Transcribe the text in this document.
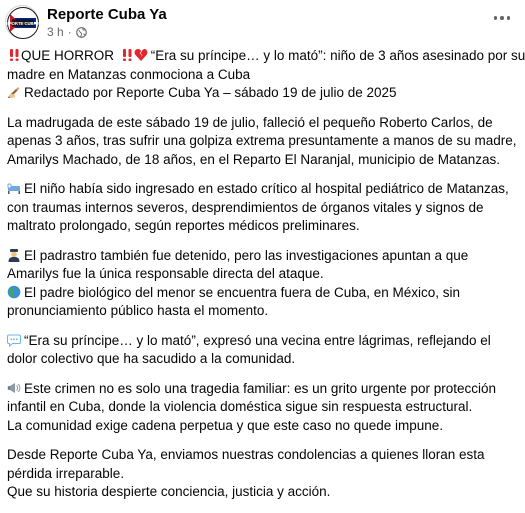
REPORTE CUBA YA
Reporte Cuba Ya
3 h ·
QUE HORROR	“Era su príncipe… y lo mató”: niño de 3 años asesinado por su
madre en Matanzas conmociona a Cuba
Redactado por Reporte Cuba Ya – sábado 19 de julio de 2025
La madrugada de este sábado 19 de julio, falleció el pequeño Roberto Carlos, de
apenas 3 años, tras sufrir una golpiza extrema presuntamente a manos de su madre,
Amarilys Machado, de 18 años, en el Reparto El Naranjal, municipio de Matanzas.
El niño había sido ingresado en estado crítico al hospital pediátrico de Matanzas,
con traumas internos severos, desprendimientos de órganos vitales y signos de
maltrato prolongado, según reportes médicos preliminares.
El padrastro también fue detenido, pero las investigaciones apuntan a que
Amarilys fue la única responsable directa del ataque.
El padre biológico del menor se encuentra fuera de Cuba, en México, sin
pronunciamiento público hasta el momento.
“Era su príncipe… y lo mató”, expresó una vecina entre lágrimas, reflejando el
dolor colectivo que ha sacudido a la comunidad.
Este crimen no es solo una tragedia familiar: es un grito urgente por protección
infantil en Cuba, donde la violencia doméstica sigue sin respuesta estructural.
La comunidad exige cadena perpetua y que este caso no quede impune.
Desde Reporte Cuba Ya, enviamos nuestras condolencias a quienes lloran esta
pérdida irreparable.
Que su historia despierte conciencia, justicia y acción.
